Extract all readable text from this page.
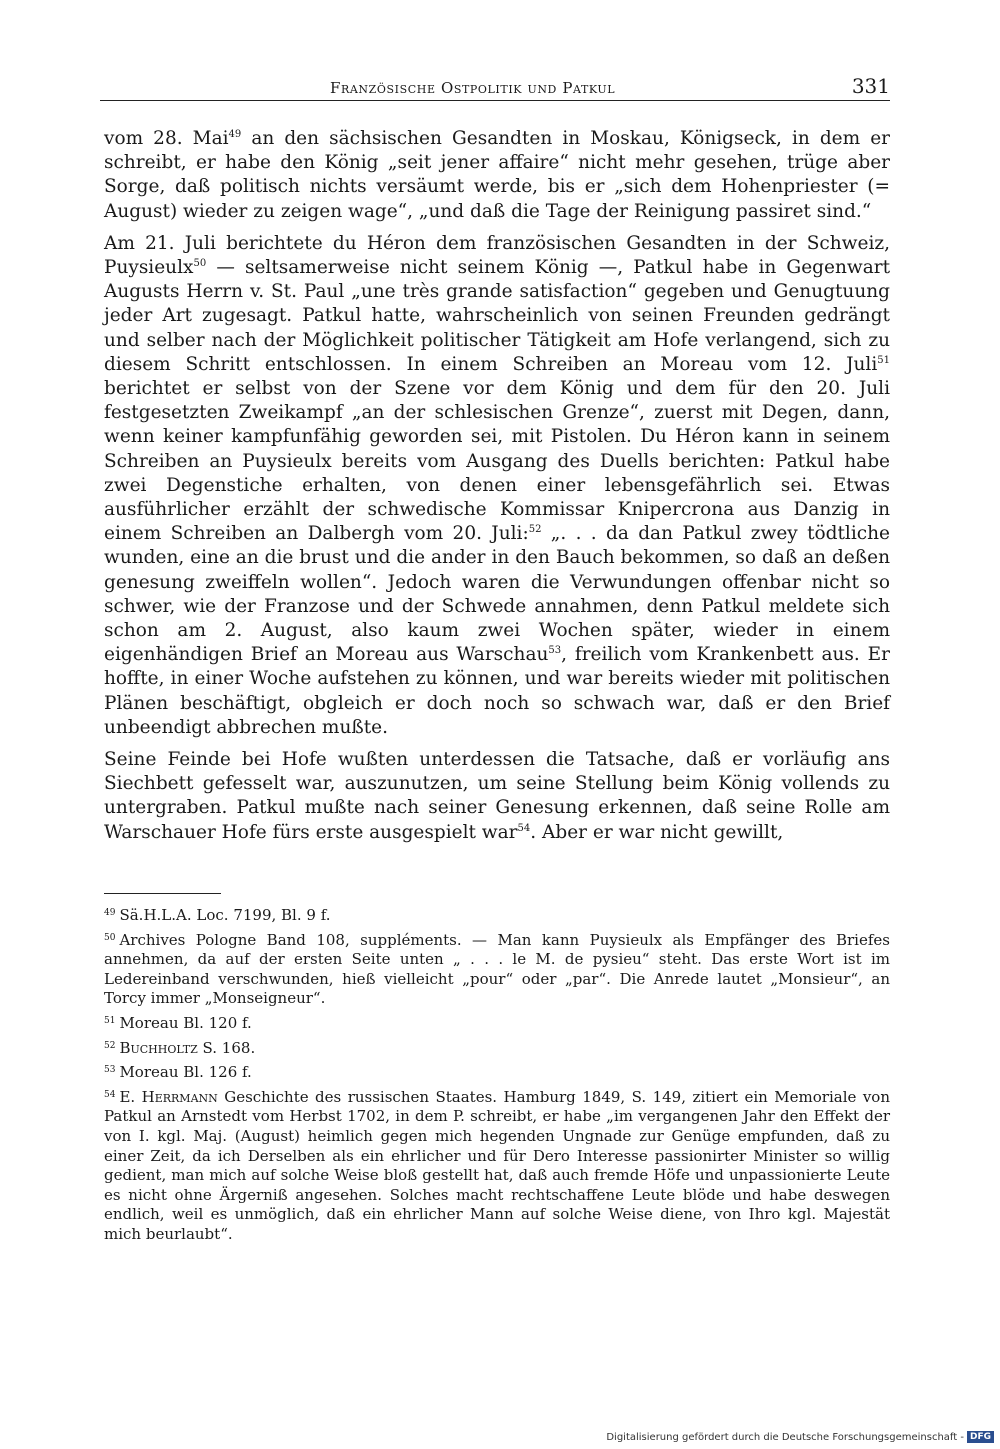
Französische Ostpolitik und Patkul	331

vom 28. Mai$^{49}$ an den sächsischen Gesandten in Moskau, Königseck, in dem er schreibt, er habe den König „seit jener affaire“ nicht mehr gesehen, trüge aber Sorge, daß politisch nichts versäumt werde, bis er „sich dem Hohenpriester (= August) wieder zu zeigen wage“, „und daß die Tage der Reinigung passiret sind.“

Am 21. Juli berichtete du Héron dem französischen Gesandten in der Schweiz, Puysieulx$^{50}$ — seltsamerweise nicht seinem König —, Patkul habe in Gegenwart Augusts Herrn v. St. Paul „une très grande satisfaction“ gegeben und Genugtuung jeder Art zugesagt. Patkul hatte, wahrscheinlich von seinen Freunden gedrängt und selber nach der Möglichkeit politischer Tätigkeit am Hofe verlangend, sich zu diesem Schritt entschlossen. In einem Schreiben an Moreau vom 12. Juli$^{51}$ berichtet er selbst von der Szene vor dem König und dem für den 20. Juli festgesetzten Zweikampf „an der schlesischen Grenze“, zuerst mit Degen, dann, wenn keiner kampfunfähig geworden sei, mit Pistolen. Du Héron kann in seinem Schreiben an Puysieulx bereits vom Ausgang des Duells berichten: Patkul habe zwei Degenstiche erhalten, von denen einer lebensgefährlich sei. Etwas ausführlicher erzählt der schwedische Kommissar Knipercrona aus Danzig in einem Schreiben an Dalbergh vom 20. Juli:$^{52}$ „. . . da dan Patkul zwey tödtliche wunden, eine an die brust und die ander in den Bauch bekommen, so daß an deßen genesung zweiffeln wollen“. Jedoch waren die Verwundungen offenbar nicht so schwer, wie der Franzose und der Schwede annahmen, denn Patkul meldete sich schon am 2. August, also kaum zwei Wochen später, wieder in einem eigenhändigen Brief an Moreau aus Warschau$^{53}$, freilich vom Krankenbett aus. Er hoffte, in einer Woche aufstehen zu können, und war bereits wieder mit politischen Plänen beschäftigt, obgleich er doch noch so schwach war, daß er den Brief unbeendigt abbrechen mußte.

Seine Feinde bei Hofe wußten unterdessen die Tatsache, daß er vorläufig ans Siechbett gefesselt war, auszunutzen, um seine Stellung beim König vollends zu untergraben. Patkul mußte nach seiner Genesung erkennen, daß seine Rolle am Warschauer Hofe fürs erste ausgespielt war$^{54}$. Aber er war nicht gewillt,

$^{49}$ Sä.H.L.A. Loc. 7199, Bl. 9 f.

$^{50}$ Archives Pologne Band 108, suppléments. — Man kann Puysieulx als Empfänger des Briefes annehmen, da auf der ersten Seite unten „ . . . le M. de pysieu“ steht. Das erste Wort ist im Ledereinband verschwunden, hieß vielleicht „pour“ oder „par“. Die Anrede lautet „Monsieur“, an Torcy immer „Monseigneur“.

$^{51}$ Moreau Bl. 120 f.

$^{52}$ Buchholtz S. 168.

$^{53}$ Moreau Bl. 126 f.

$^{54}$ E. Herrmann Geschichte des russischen Staates. Hamburg 1849, S. 149, zitiert ein Memoriale von Patkul an Arnstedt vom Herbst 1702, in dem P. schreibt, er habe „im vergangenen Jahr den Effekt der von I. kgl. Maj. (August) heimlich gegen mich hegenden Ungnade zur Genüge empfunden, daß zu einer Zeit, da ich Derselben als ein ehrlicher und für Dero Interesse passionirter Minister so willig gedient, man mich auf solche Weise bloß gestellt hat, daß auch fremde Höfe und unpassionierte Leute es nicht ohne Ärgerniß angesehen. Solches macht rechtschaffene Leute blöde und habe deswegen endlich, weil es unmöglich, daß ein ehrlicher Mann auf solche Weise diene, von Ihro kgl. Majestät mich beurlaubt“.

Digitalisierung gefördert durch die Deutsche Forschungsgemeinschaft - DFG
